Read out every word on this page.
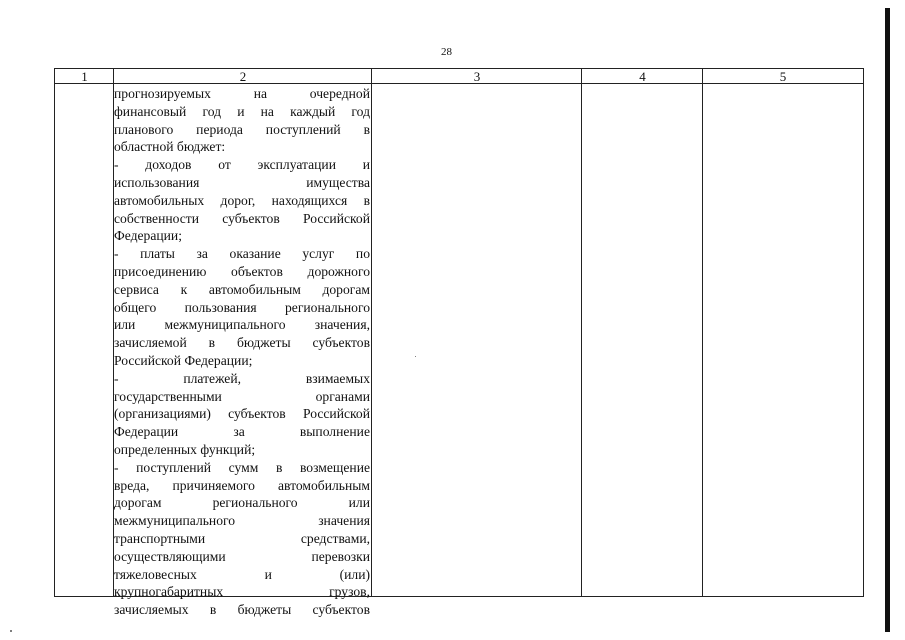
28
1	2	3	4	5
прогнозируемых на очередной
финансовый год и на каждый год
планового периода поступлений в
областной бюджет:
- доходов от эксплуатации и
использования имущества
автомобильных дорог, находящихся в
собственности субъектов Российской
Федерации;
- платы за оказание услуг по
присоединению объектов дорожного
сервиса к автомобильным дорогам
общего пользования регионального
или межмуниципального значения,
зачисляемой в бюджеты субъектов
Российской Федерации;
- платежей, взимаемых
государственными органами
(организациями) субъектов Российской
Федерации за выполнение
определенных функций;
- поступлений сумм в возмещение
вреда, причиняемого автомобильным
дорогам регионального или
межмуниципального значения
транспортными средствами,
осуществляющими перевозки
тяжеловесных и (или)
крупногабаритных грузов,
зачисляемых в бюджеты субъектов
